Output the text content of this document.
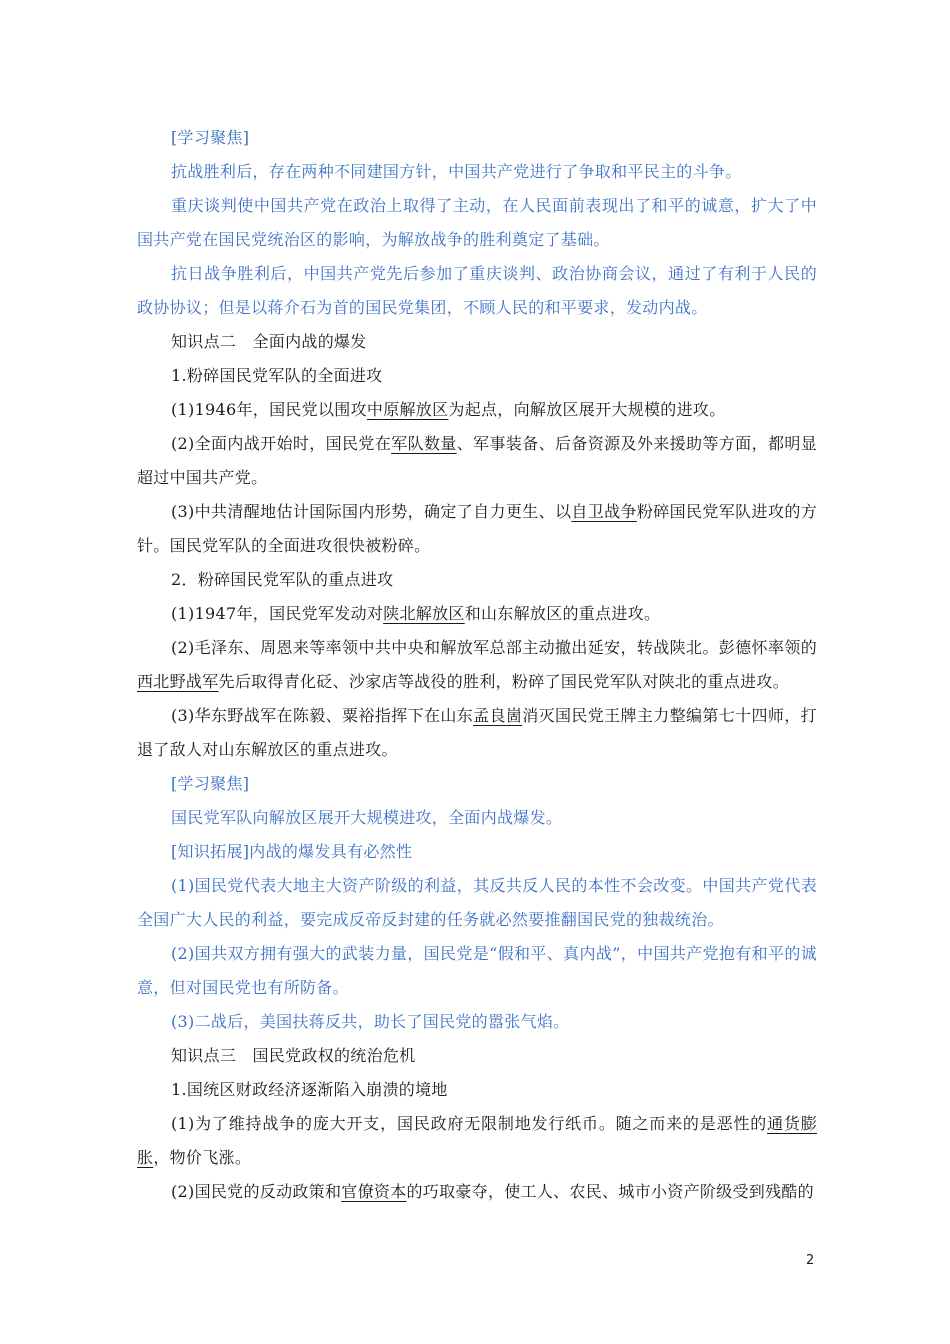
[学习聚焦]

抗战胜利后，存在两种不同建国方针，中国共产党进行了争取和平民主的斗争。

重庆谈判使中国共产党在政治上取得了主动，在人民面前表现出了和平的诚意，扩大了中国共产党在国民党统治区的影响，为解放战争的胜利奠定了基础。

抗日战争胜利后，中国共产党先后参加了重庆谈判、政治协商会议，通过了有利于人民的政协协议；但是以蒋介石为首的国民党集团，不顾人民的和平要求，发动内战。

知识点二　全面内战的爆发

1.粉碎国民党军队的全面进攻

(1)1946年，国民党以围攻中原解放区为起点，向解放区展开大规模的进攻。

(2)全面内战开始时，国民党在军队数量、军事装备、后备资源及外来援助等方面，都明显超过中国共产党。

(3)中共清醒地估计国际国内形势，确定了自力更生、以自卫战争粉碎国民党军队进攻的方针。国民党军队的全面进攻很快被粉碎。

2．粉碎国民党军队的重点进攻

(1)1947年，国民党军发动对陕北解放区和山东解放区的重点进攻。

(2)毛泽东、周恩来等率领中共中央和解放军总部主动撤出延安，转战陕北。彭德怀率领的西北野战军先后取得青化砭、沙家店等战役的胜利，粉碎了国民党军队对陕北的重点进攻。

(3)华东野战军在陈毅、粟裕指挥下在山东孟良崮消灭国民党王牌主力整编第七十四师，打退了敌人对山东解放区的重点进攻。

[学习聚焦]

国民党军队向解放区展开大规模进攻，全面内战爆发。

[知识拓展]内战的爆发具有必然性

(1)国民党代表大地主大资产阶级的利益，其反共反人民的本性不会改变。中国共产党代表全国广大人民的利益，要完成反帝反封建的任务就必然要推翻国民党的独裁统治。

(2)国共双方拥有强大的武装力量，国民党是“假和平、真内战”，中国共产党抱有和平的诚意，但对国民党也有所防备。

(3)二战后，美国扶蒋反共，助长了国民党的嚣张气焰。

知识点三　国民党政权的统治危机

1.国统区财政经济逐渐陷入崩溃的境地

(1)为了维持战争的庞大开支，国民政府无限制地发行纸币。随之而来的是恶性的通货膨胀，物价飞涨。

(2)国民党的反动政策和官僚资本的巧取豪夺，使工人、农民、城市小资产阶级受到残酷的

2
